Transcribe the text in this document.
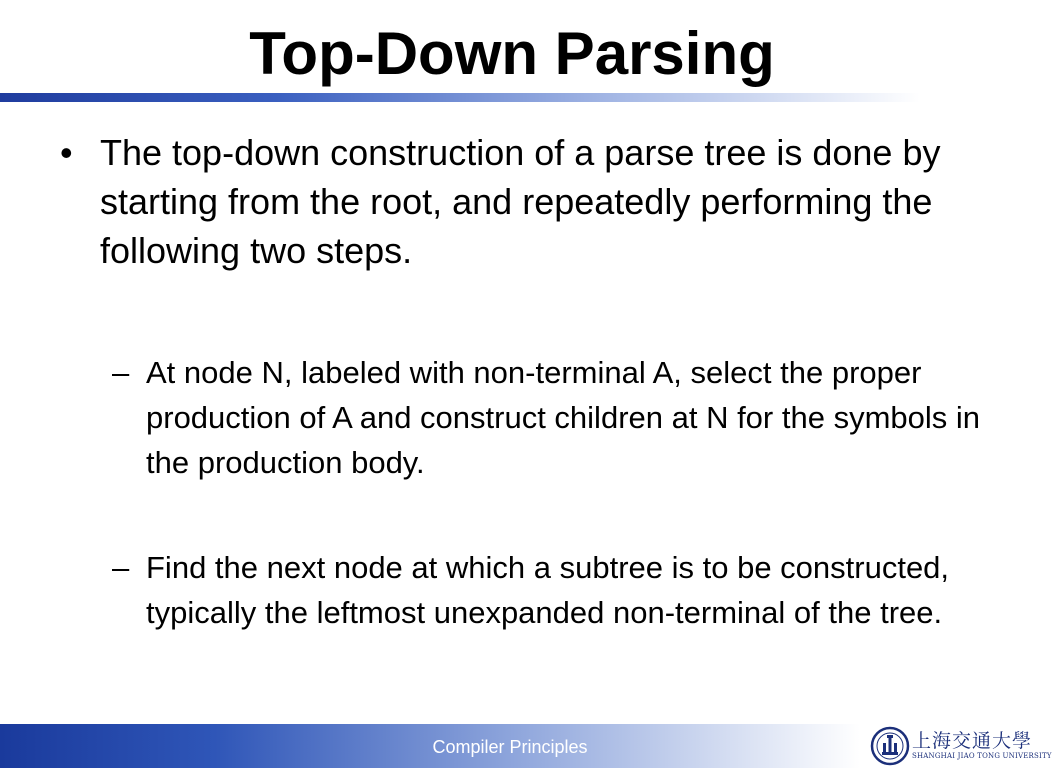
Top-Down Parsing
• The top-down construction of a parse tree is done by starting from the root, and repeatedly performing the following two steps.
– At node N, labeled with non-terminal A, select the proper production of A and construct children at N for the symbols in the production body.
– Find the next node at which a subtree is to be constructed, typically the leftmost unexpanded non-terminal of the tree.
Compiler Principles	上海交通大學
SHANGHAI JIAO TONG UNIVERSITY
